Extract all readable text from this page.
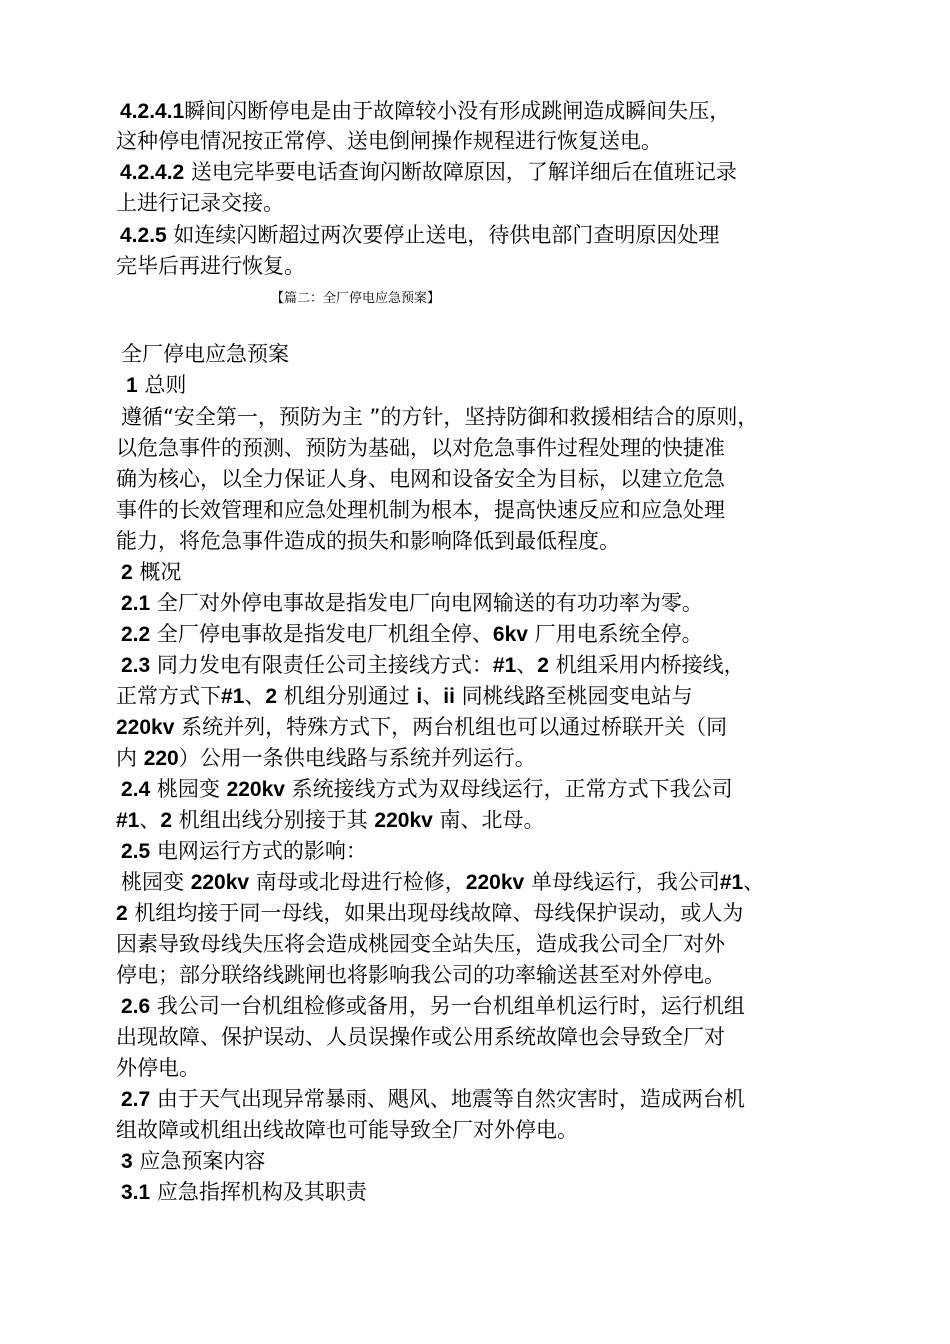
4.2.4.1瞬间闪断停电是由于故障较小没有形成跳闸造成瞬间失压，
这种停电情况按正常停、送电倒闸操作规程进行恢复送电。
4.2.4.2 送电完毕要电话查询闪断故障原因，了解详细后在值班记录
上进行记录交接。
4.2.5 如连续闪断超过两次要停止送电，待供电部门查明原因处理
完毕后再进行恢复。
【篇二：全厂停电应急预案】
全厂停电应急预案
1 总则
遵循“安全第一，预防为主 ”的方针，坚持防御和救援相结合的原则，
以危急事件的预测、预防为基础，以对危急事件过程处理的快捷准
确为核心，以全力保证人身、电网和设备安全为目标，以建立危急
事件的长效管理和应急处理机制为根本，提高快速反应和应急处理
能力，将危急事件造成的损失和影响降低到最低程度。
2 概况
2.1 全厂对外停电事故是指发电厂向电网输送的有功功率为零。
2.2 全厂停电事故是指发电厂机组全停、6kv 厂用电系统全停。
2.3 同力发电有限责任公司主接线方式：#1、2 机组采用内桥接线，
正常方式下#1、2 机组分别通过 i、ii 同桃线路至桃园变电站与
220kv 系统并列，特殊方式下，两台机组也可以通过桥联开关（同
内 220）公用一条供电线路与系统并列运行。
2.4 桃园变 220kv 系统接线方式为双母线运行，正常方式下我公司
#1、2 机组出线分别接于其 220kv 南、北母。
2.5 电网运行方式的影响：
桃园变 220kv 南母或北母进行检修，220kv 单母线运行，我公司#1、
2 机组均接于同一母线，如果出现母线故障、母线保护误动，或人为
因素导致母线失压将会造成桃园变全站失压，造成我公司全厂对外
停电；部分联络线跳闸也将影响我公司的功率输送甚至对外停电。
2.6 我公司一台机组检修或备用，另一台机组单机运行时，运行机组
出现故障、保护误动、人员误操作或公用系统故障也会导致全厂对
外停电。
2.7 由于天气出现异常暴雨、飓风、地震等自然灾害时，造成两台机
组故障或机组出线故障也可能导致全厂对外停电。
3 应急预案内容
3.1 应急指挥机构及其职责
